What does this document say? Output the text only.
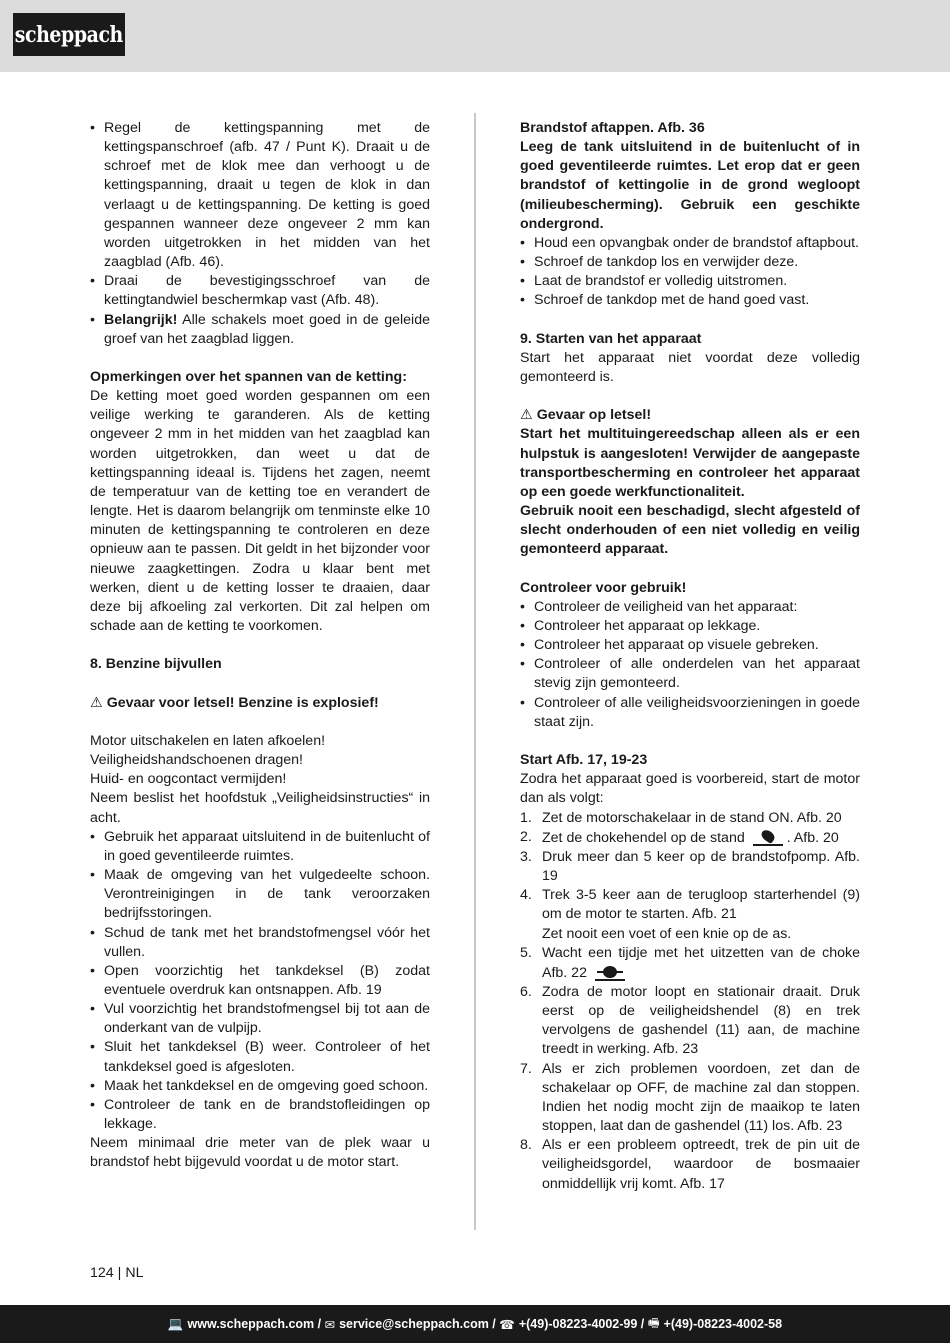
scheppach
• Regel de kettingspanning met de kettingspanschroef (afb. 47 / Punt K). Draait u de schroef met de klok mee dan verhoogt u de kettingspanning, draait u tegen de klok in dan verlaagt u de kettingspanning. De ketting is goed gespannen wanneer deze ongeveer 2 mm kan worden uitgetrokken in het midden van het zaagblad (Afb. 46).
• Draai de bevestigingsschroef van de kettingtandwiel beschermkap vast (Afb. 48).
• Belangrijk! Alle schakels moet goed in de geleide groef van het zaagblad liggen.
Opmerkingen over het spannen van de ketting:
De ketting moet goed worden gespannen om een veilige werking te garanderen. Als de ketting ongeveer 2 mm in het midden van het zaagblad kan worden uitgetrokken, dan weet u dat de kettingspanning ideaal is. Tijdens het zagen, neemt de temperatuur van de ketting toe en verandert de lengte. Het is daarom belangrijk om tenminste elke 10 minuten de kettingspanning te controleren en deze opnieuw aan te passen. Dit geldt in het bijzonder voor nieuwe zaagkettingen. Zodra u klaar bent met werken, dient u de ketting losser te draaien, daar deze bij afkoeling zal verkorten. Dit zal helpen om schade aan de ketting te voorkomen.
8. Benzine bijvullen
⚠ Gevaar voor letsel! Benzine is explosief!
Motor uitschakelen en laten afkoelen!
Veiligheidshandschoenen dragen!
Huid- en oogcontact vermijden!
Neem beslist het hoofdstuk „Veiligheidsinstructies“ in acht.
• Gebruik het apparaat uitsluitend in de buitenlucht of in goed geventileerde ruimtes.
• Maak de omgeving van het vulgedeelte schoon. Verontreinigingen in de tank veroorzaken bedrijfsstoringen.
• Schud de tank met het brandstofmengsel vóór het vullen.
• Open voorzichtig het tankdeksel (B) zodat eventuele overdruk kan ontsnappen. Afb. 19
• Vul voorzichtig het brandstofmengsel bij tot aan de onderkant van de vulpijp.
• Sluit het tankdeksel (B) weer. Controleer of het tankdeksel goed is afgesloten.
• Maak het tankdeksel en de omgeving goed schoon.
• Controleer de tank en de brandstofleidingen op lekkage.
Neem minimaal drie meter van de plek waar u brandstof hebt bijgevuld voordat u de motor start.
Brandstof aftappen. Afb. 36
Leeg de tank uitsluitend in de buitenlucht of in goed geventileerde ruimtes. Let erop dat er geen brandstof of kettingolie in de grond wegloopt (milieubescherming). Gebruik een geschikte ondergrond.
• Houd een opvangbak onder de brandstof aftapbout.
• Schroef de tankdop los en verwijder deze.
• Laat de brandstof er volledig uitstromen.
• Schroef de tankdop met de hand goed vast.
9. Starten van het apparaat
Start het apparaat niet voordat deze volledig gemonteerd is.
⚠ Gevaar op letsel!
Start het multituingereedschap alleen als er een hulpstuk is aangesloten! Verwijder de aangepaste transportbescherming en controleer het apparaat op een goede werkfunctionaliteit.
Gebruik nooit een beschadigd, slecht afgesteld of slecht onderhouden of een niet volledig en veilig gemonteerd apparaat.
Controleer voor gebruik!
• Controleer de veiligheid van het apparaat:
• Controleer het apparaat op lekkage.
• Controleer het apparaat op visuele gebreken.
• Controleer of alle onderdelen van het apparaat stevig zijn gemonteerd.
• Controleer of alle veiligheidsvoorzieningen in goede staat zijn.
Start Afb. 17, 19-23
Zodra het apparaat goed is voorbereid, start de motor dan als volgt:
1. Zet de motorschakelaar in de stand ON. Afb. 20
2. Zet de chokehendel op de stand	. Afb. 20
3. Druk meer dan 5 keer op de brandstofpomp. Afb. 19
4. Trek 3-5 keer aan de terugloop starterhendel (9) om de motor te starten. Afb. 21
Zet nooit een voet of een knie op de as.
5. Wacht een tijdje met het uitzetten van de choke Afb. 22
6. Zodra de motor loopt en stationair draait. Druk eerst op de veiligheidshendel (8) en trek vervolgens de gashendel (11) aan, de machine treedt in werking. Afb. 23
7. Als er zich problemen voordoen, zet dan de schakelaar op OFF, de machine zal dan stoppen. Indien het nodig mocht zijn de maaikop te laten stoppen, laat dan de gashendel (11) los. Afb. 23
8. Als er een probleem optreedt, trek de pin uit de veiligheidsgordel, waardoor de bosmaaier onmiddellijk vrij komt. Afb. 17
124 | NL
💻 www.scheppach.com / ✉ service@scheppach.com / ☎ +(49)-08223-4002-99 / 🖷 +(49)-08223-4002-58
